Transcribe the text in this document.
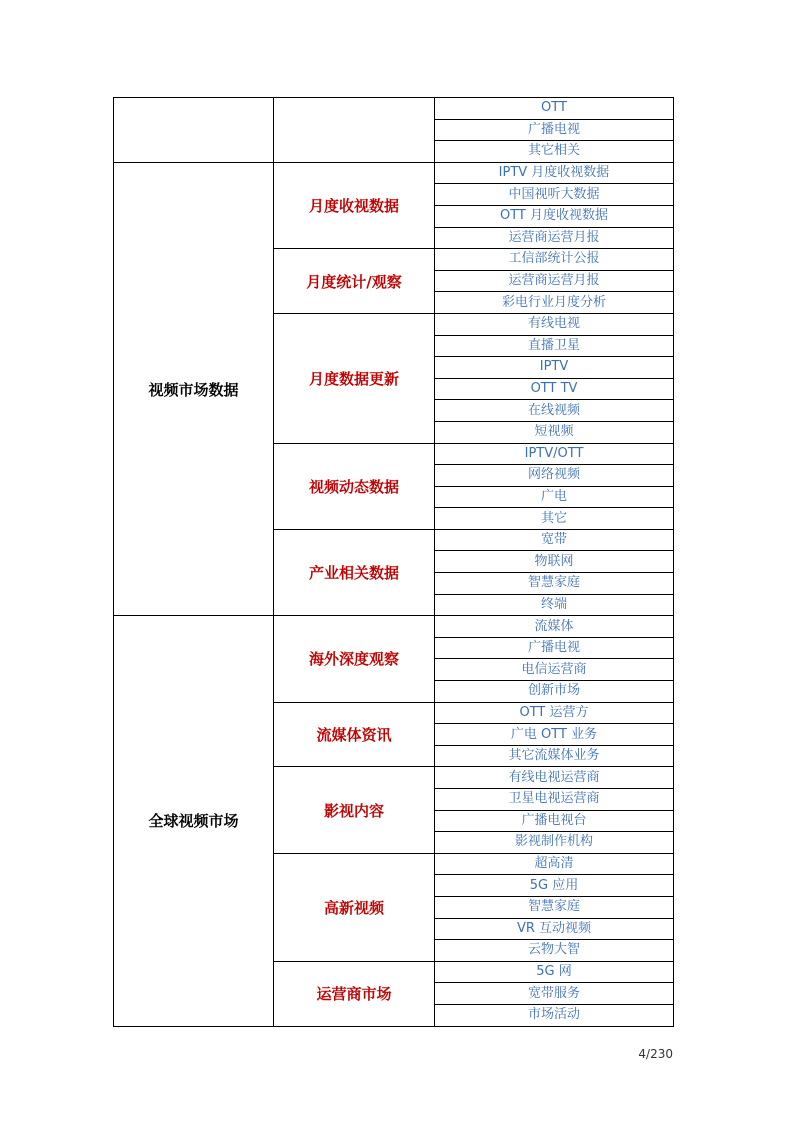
		OTT
		广播电视
		其它相关
视频市场数据	月度收视数据	IPTV 月度收视数据
		中国视听大数据
		OTT 月度收视数据
		运营商运营月报
	月度统计/观察	工信部统计公报
		运营商运营月报
		彩电行业月度分析
	月度数据更新	有线电视
		直播卫星
		IPTV
		OTT TV
		在线视频
		短视频
	视频动态数据	IPTV/OTT
		网络视频
		广电
		其它
	产业相关数据	宽带
		物联网
		智慧家庭
		终端
全球视频市场	海外深度观察	流媒体
		广播电视
		电信运营商
		创新市场
	流媒体资讯	OTT 运营方
		广电 OTT 业务
		其它流媒体业务
	影视内容	有线电视运营商
		卫星电视运营商
		广播电视台
		影视制作机构
	高新视频	超高清
		5G 应用
		智慧家庭
		VR 互动视频
		云物大智
	运营商市场	5G 网
		宽带服务
		市场活动
4/230
